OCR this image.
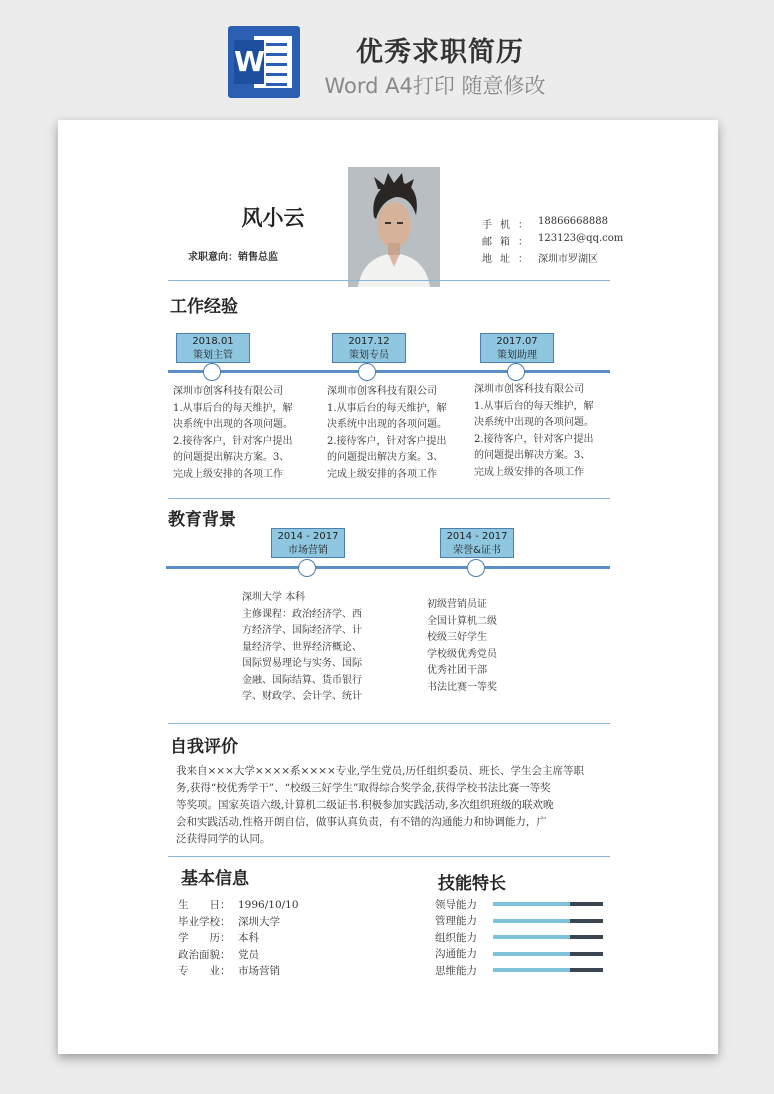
W	优秀求职简历
Word A4打印 随意修改
风小云
求职意向：销售总监
手机： 18866668888
邮箱： 123123@qq.com
地址： 深圳市罗湖区
工作经验
2018.01
策划主管
深圳市创客科技有限公司
1.从事后台的每天维护，解
决系统中出现的各项问题。
2.接待客户，针对客户提出
的问题提出解决方案。3、
完成上级安排的各项工作
2017.12
策划专员
深圳市创客科技有限公司
1.从事后台的每天维护，解
决系统中出现的各项问题。
2.接待客户，针对客户提出
的问题提出解决方案。3、
完成上级安排的各项工作
2017.07
策划助理
深圳市创客科技有限公司
1.从事后台的每天维护，解
决系统中出现的各项问题。
2.接待客户，针对客户提出
的问题提出解决方案。3、
完成上级安排的各项工作
教育背景
2014 - 2017
市场营销
深圳大学 本科
主修课程：政治经济学、西
方经济学、国际经济学、计
量经济学、世界经济概论、
国际贸易理论与实务、国际
金融、国际结算、货币银行
学、财政学、会计学、统计
2014 - 2017
荣誉&证书
初级营销员证
全国计算机二级
校级三好学生
学校级优秀党员
优秀社团干部
书法比赛一等奖
自我评价
我来自×××大学××××系××××专业,学生党员,历任组织委员、班长、学生会主席等职
务,获得“校优秀学干”、“校级三好学生”取得综合奖学金,获得学校书法比赛一等奖
等奖项。国家英语六级,计算机二级证书.积极参加实践活动,多次组织班级的联欢晚
会和实践活动,性格开朗自信，做事认真负责，有不错的沟通能力和协调能力，广
泛获得同学的认同。
基本信息
生　　日： 1996/10/10
毕业学校： 深圳大学
学　　历： 本科
政治面貌： 党员
专　　业： 市场营销
技能特长
领导能力
管理能力
组织能力
沟通能力
思维能力
